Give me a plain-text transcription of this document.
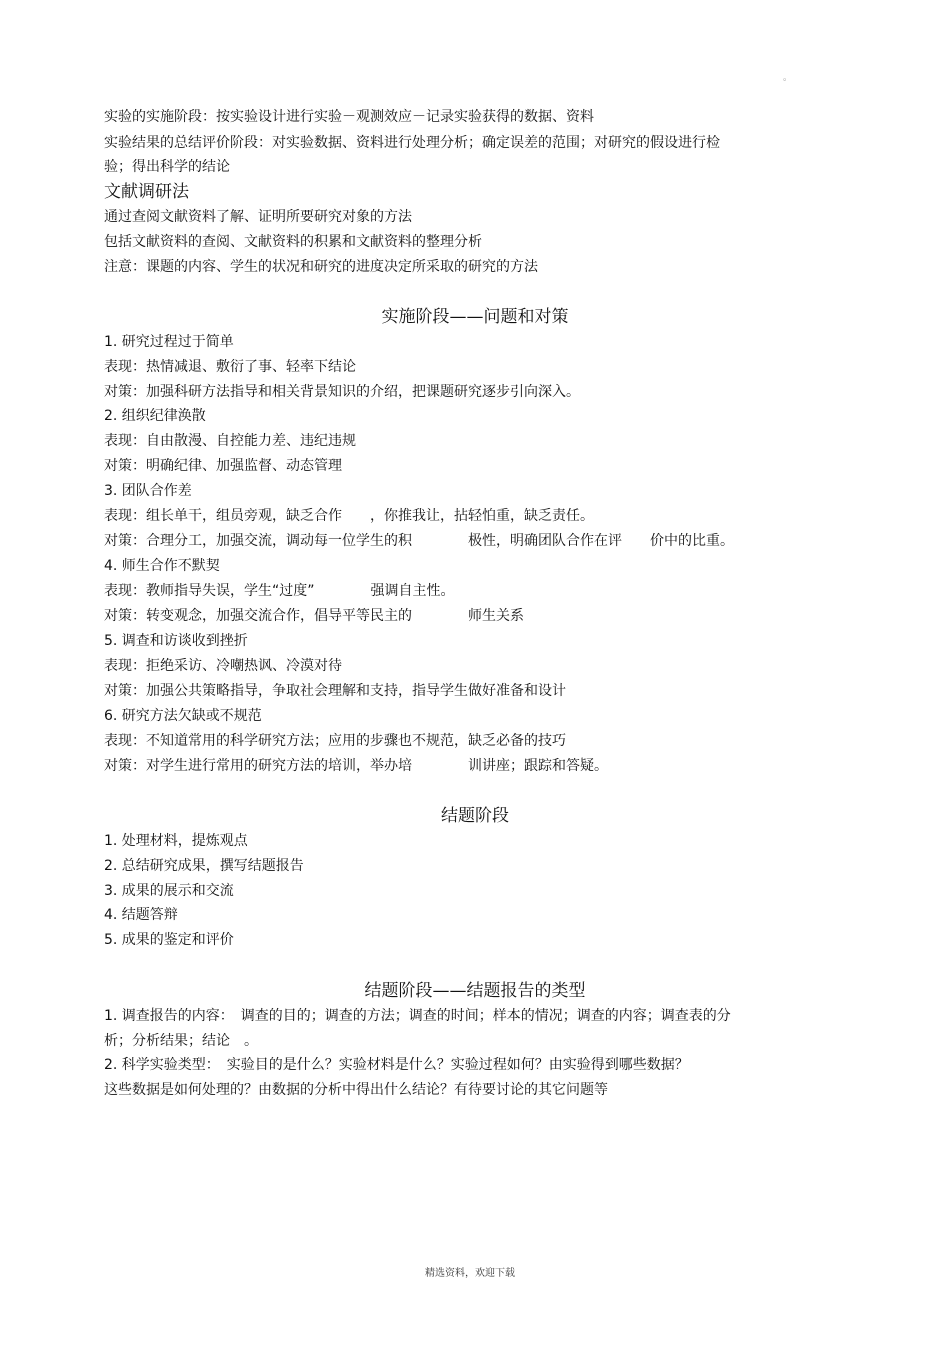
。
实验的实施阶段：按实验设计进行实验－观测效应－记录实验获得的数据、资料
实验结果的总结评价阶段：对实验数据、资料进行处理分析；确定误差的范围；对研究的假设进行检
验；得出科学的结论
文献调研法
通过查阅文献资料了解、证明所要研究对象的方法
包括文献资料的查阅、文献资料的积累和文献资料的整理分析
注意：课题的内容、学生的状况和研究的进度决定所采取的研究的方法
实施阶段——问题和对策
1. 研究过程过于简单
表现：热情减退、敷衍了事、轻率下结论
对策：加强科研方法指导和相关背景知识的介绍，把课题研究逐步引向深入。
2. 组织纪律涣散
表现：自由散漫、自控能力差、违纪违规
对策：明确纪律、加强监督、动态管理
3. 团队合作差
表现：组长单干，组员旁观，缺乏合作　　，你推我让，拈轻怕重，缺乏责任。
对策：合理分工，加强交流，调动每一位学生的积　　　　极性，明确团队合作在评　　价中的比重。
4. 师生合作不默契
表现：教师指导失误，学生“过度”　　　　强调自主性。
对策：转变观念，加强交流合作，倡导平等民主的　　　　师生关系
5. 调查和访谈收到挫折
表现：拒绝采访、冷嘲热讽、冷漠对待
对策：加强公共策略指导，争取社会理解和支持，指导学生做好准备和设计
6. 研究方法欠缺或不规范
表现：不知道常用的科学研究方法；应用的步骤也不规范，缺乏必备的技巧
对策：对学生进行常用的研究方法的培训，举办培　　　　训讲座；跟踪和答疑。
结题阶段
1. 处理材料，提炼观点
2. 总结研究成果，撰写结题报告
3. 成果的展示和交流
4. 结题答辩
5. 成果的鉴定和评价
结题阶段——结题报告的类型
1. 调查报告的内容：　调查的目的；调查的方法；调查的时间；样本的情况；调查的内容；调查表的分
析；分析结果；结论　。
2. 科学实验类型：　实验目的是什么？实验材料是什么？实验过程如何？由实验得到哪些数据？
这些数据是如何处理的？由数据的分析中得出什么结论？有待要讨论的其它问题等
精选资料，欢迎下载
